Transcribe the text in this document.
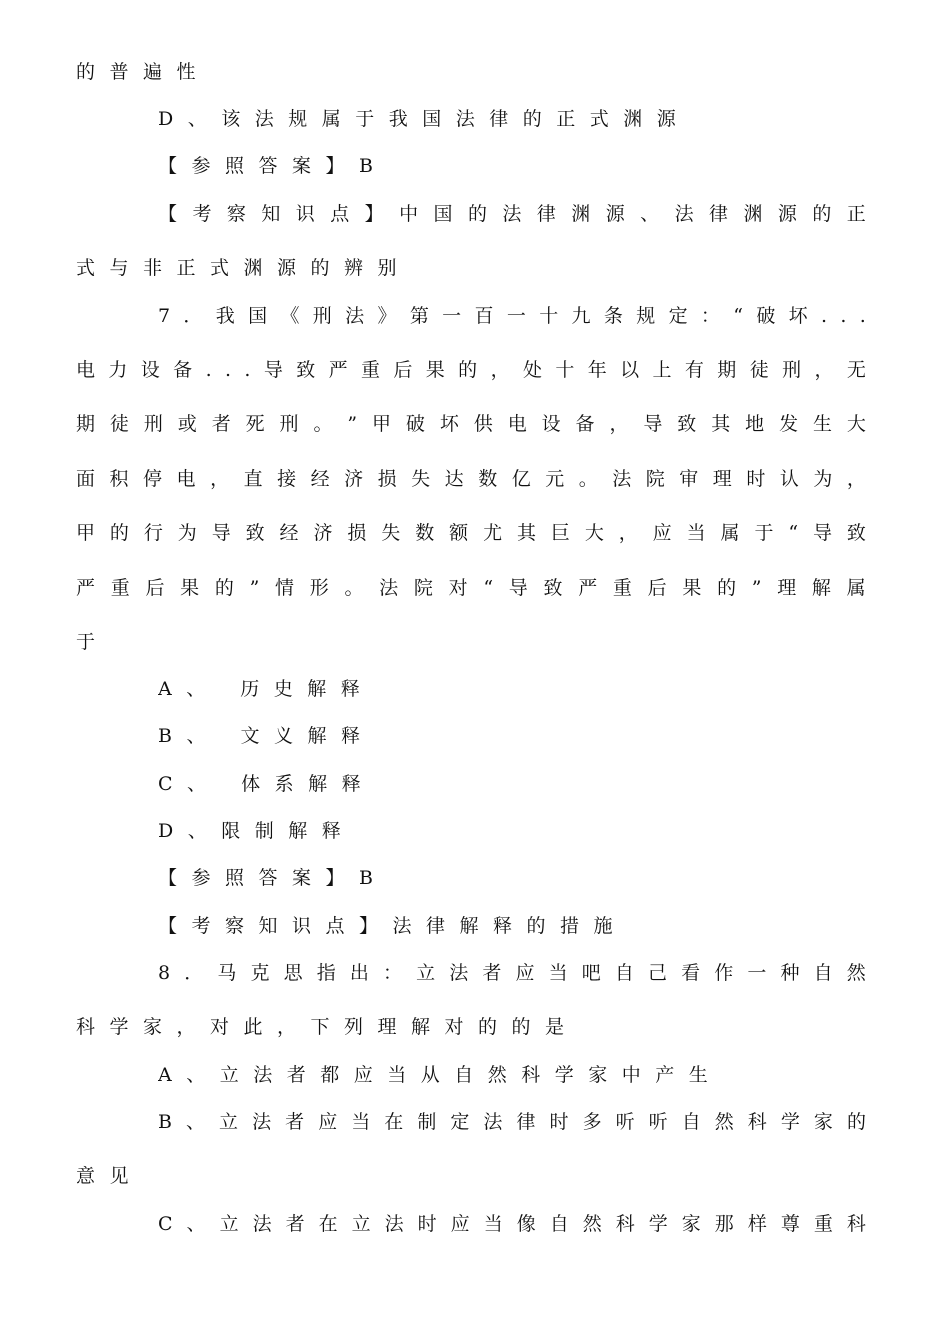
的普遍性
D、该法规属于我国法律的正式渊源
【参照答案】B
【 考 察 知 识 点 】 中 国 的 法 律 渊 源 、 法 律 渊 源 的 正
式与非正式渊源的辨别
7 ． 我 国 《 刑 法 》 第 一 百 一 十 九 条 规 定 ： “ 破 坏 . . .
电 力 设 备 . . . 导 致 严 重 后 果 的 ， 处 十 年 以 上 有 期 徒 刑 ， 无
期 徒 刑 或 者 死 刑 。 ” 甲 破 坏 供 电 设 备 ， 导 致 其 地 发 生 大
面 积 停 电 ， 直 接 经 济 损 失 达 数 亿 元 。 法 院 审 理 时 认 为 ，
甲 的 行 为 导 致 经 济 损 失 数 额 尤 其 巨 大 ， 应 当 属 于 “ 导 致
严 重 后 果 的 ” 情 形 。 法 院 对 “ 导 致 严 重 后 果 的 ” 理 解 属
于
A、 历史解释
B、 文义解释
C、 体系解释
D、限制解释
【参照答案】B
【考察知识点】法律解释的措施
8 ． 马 克 思 指 出 ： 立 法 者 应 当 吧 自 己 看 作 一 种 自 然
科学家，对此，下列理解对的的是
A、立法者都应当从自然科学家中产生
B 、 立 法 者 应 当 在 制 定 法 律 时 多 听 听 自 然 科 学 家 的
意见
C 、 立 法 者 在 立 法 时 应 当 像 自 然 科 学 家 那 样 尊 重 科
